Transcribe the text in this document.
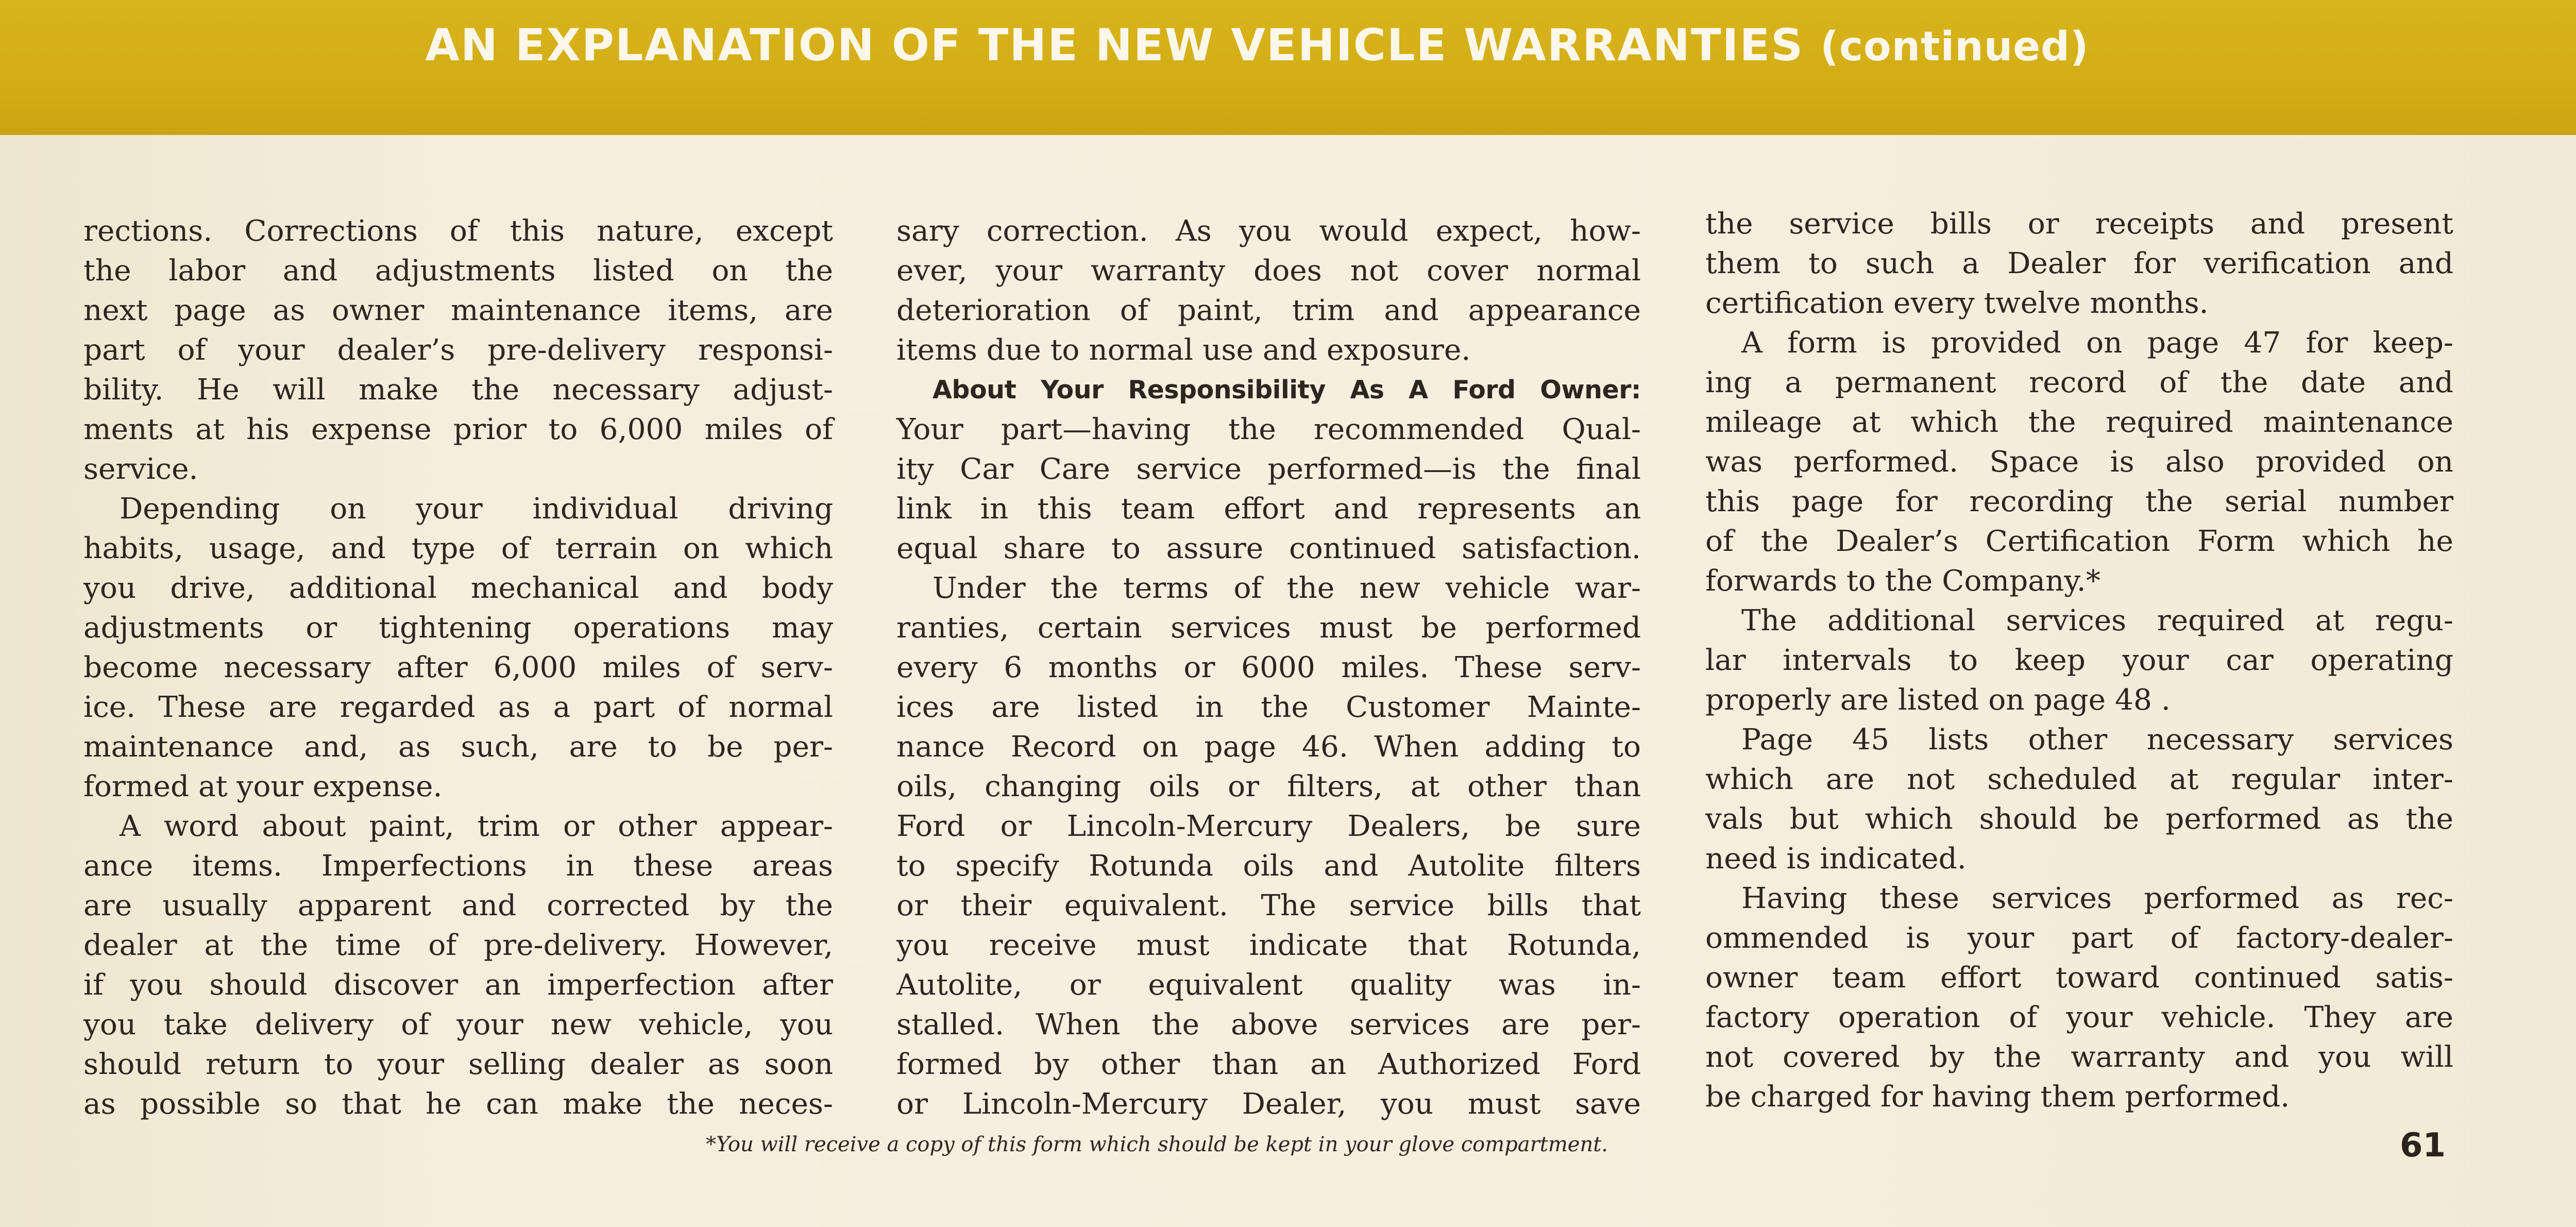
AN EXPLANATION OF THE NEW VEHICLE WARRANTIES (continued)
rections. Corrections of this nature, except
the labor and adjustments listed on the
next page as owner maintenance items, are
part of your dealer’s pre-delivery responsi-
bility. He will make the necessary adjust-
ments at his expense prior to 6,000 miles of
service.
Depending on your individual driving
habits, usage, and type of terrain on which
you drive, additional mechanical and body
adjustments or tightening operations may
become necessary after 6,000 miles of serv-
ice. These are regarded as a part of normal
maintenance and, as such, are to be per-
formed at your expense.
A word about paint, trim or other appear-
ance items. Imperfections in these areas
are usually apparent and corrected by the
dealer at the time of pre-delivery. However,
if you should discover an imperfection after
you take delivery of your new vehicle, you
should return to your selling dealer as soon
as possible so that he can make the neces-
sary correction. As you would expect, how-
ever, your warranty does not cover normal
deterioration of paint, trim and appearance
items due to normal use and exposure.
About Your Responsibility As A Ford Owner:
Your part—having the recommended Qual-
ity Car Care service performed—is the final
link in this team effort and represents an
equal share to assure continued satisfaction.
Under the terms of the new vehicle war-
ranties, certain services must be performed
every 6 months or 6000 miles. These serv-
ices are listed in the Customer Mainte-
nance Record on page 46. When adding to
oils, changing oils or filters, at other than
Ford or Lincoln-Mercury Dealers, be sure
to specify Rotunda oils and Autolite filters
or their equivalent. The service bills that
you receive must indicate that Rotunda,
Autolite, or equivalent quality was in-
stalled. When the above services are per-
formed by other than an Authorized Ford
or Lincoln-Mercury Dealer, you must save
the service bills or receipts and present
them to such a Dealer for verification and
certification every twelve months.
A form is provided on page 47 for keep-
ing a permanent record of the date and
mileage at which the required maintenance
was performed. Space is also provided on
this page for recording the serial number
of the Dealer’s Certification Form which he
forwards to the Company.*
The additional services required at regu-
lar intervals to keep your car operating
properly are listed on page 48 .
Page 45 lists other necessary services
which are not scheduled at regular inter-
vals but which should be performed as the
need is indicated.
Having these services performed as rec-
ommended is your part of factory-dealer-
owner team effort toward continued satis-
factory operation of your vehicle. They are
not covered by the warranty and you will
be charged for having them performed.
*You will receive a copy of this form which should be kept in your glove compartment.	61
